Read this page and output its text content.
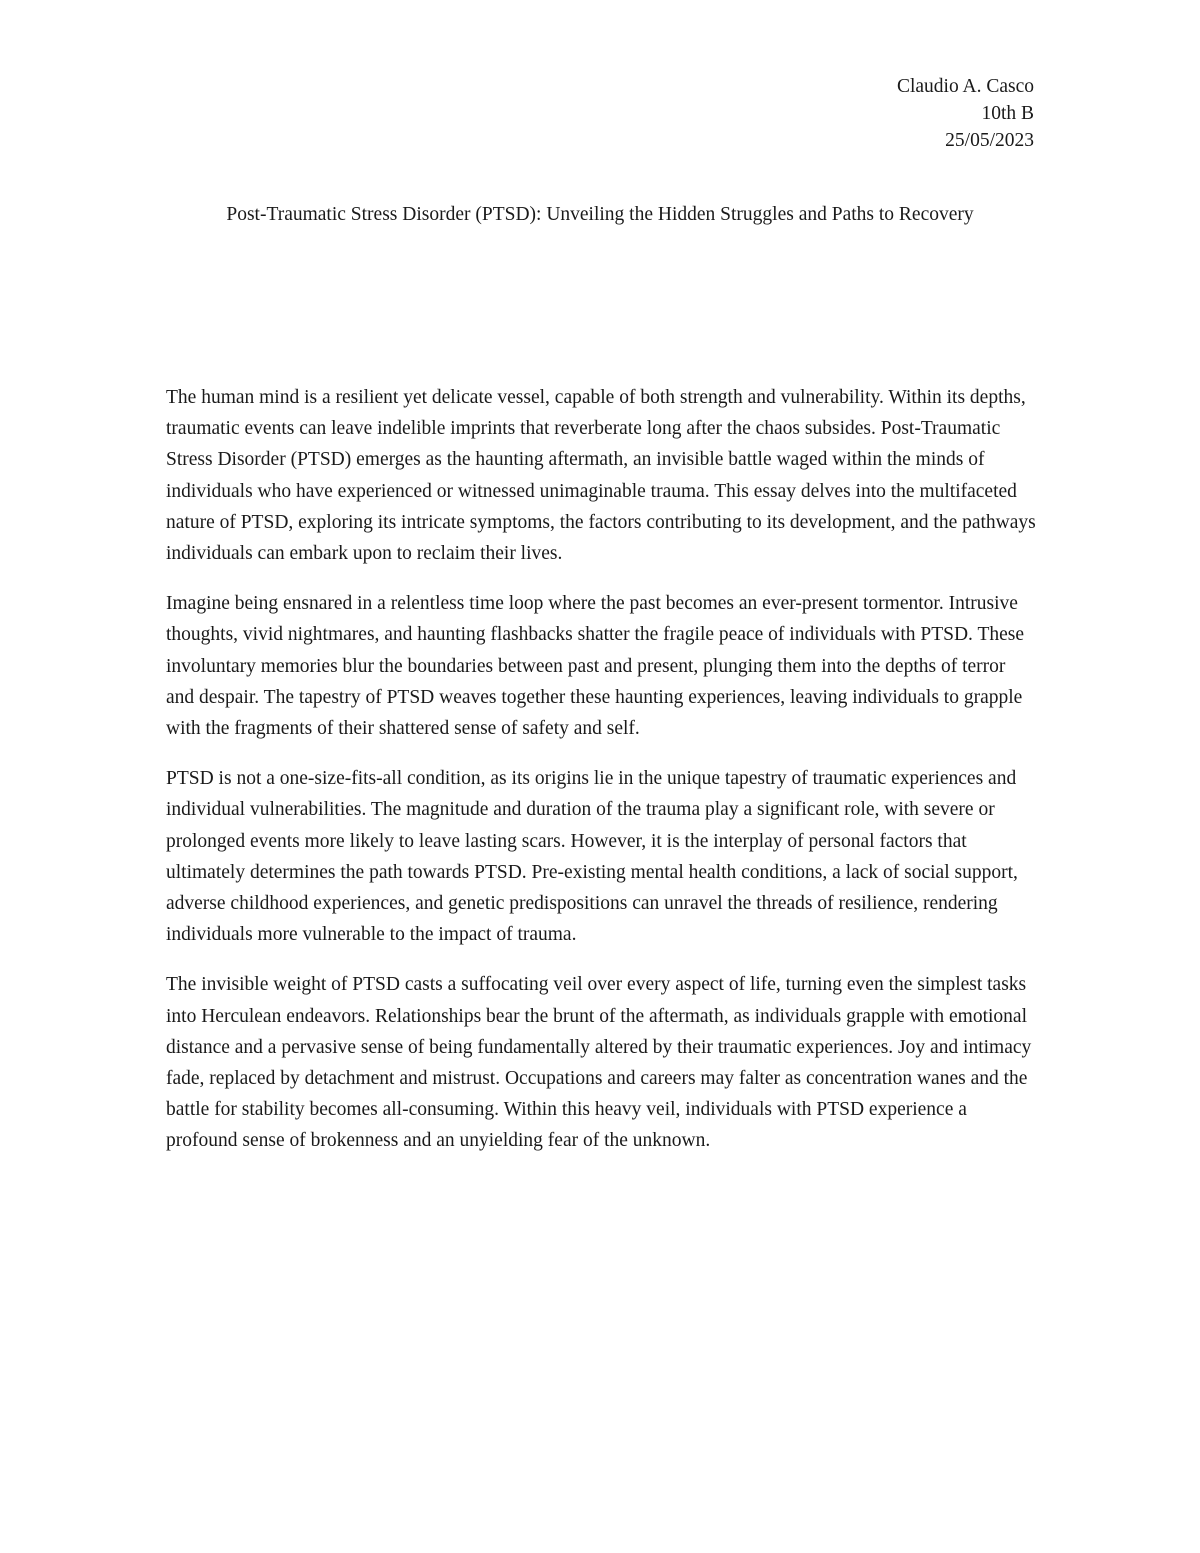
Claudio A. Casco
10th B
25/05/2023
Post-Traumatic Stress Disorder (PTSD): Unveiling the Hidden Struggles and Paths to Recovery

The human mind is a resilient yet delicate vessel, capable of both strength and vulnerability. Within its depths, traumatic events can leave indelible imprints that reverberate long after the chaos subsides. Post-Traumatic Stress Disorder (PTSD) emerges as the haunting aftermath, an invisible battle waged within the minds of individuals who have experienced or witnessed unimaginable trauma. This essay delves into the multifaceted nature of PTSD, exploring its intricate symptoms, the factors contributing to its development, and the pathways individuals can embark upon to reclaim their lives.

Imagine being ensnared in a relentless time loop where the past becomes an ever-present tormentor. Intrusive thoughts, vivid nightmares, and haunting flashbacks shatter the fragile peace of individuals with PTSD. These involuntary memories blur the boundaries between past and present, plunging them into the depths of terror and despair. The tapestry of PTSD weaves together these haunting experiences, leaving individuals to grapple with the fragments of their shattered sense of safety and self.

PTSD is not a one-size-fits-all condition, as its origins lie in the unique tapestry of traumatic experiences and individual vulnerabilities. The magnitude and duration of the trauma play a significant role, with severe or prolonged events more likely to leave lasting scars. However, it is the interplay of personal factors that ultimately determines the path towards PTSD. Pre-existing mental health conditions, a lack of social support, adverse childhood experiences, and genetic predispositions can unravel the threads of resilience, rendering individuals more vulnerable to the impact of trauma.

The invisible weight of PTSD casts a suffocating veil over every aspect of life, turning even the simplest tasks into Herculean endeavors. Relationships bear the brunt of the aftermath, as individuals grapple with emotional distance and a pervasive sense of being fundamentally altered by their traumatic experiences. Joy and intimacy fade, replaced by detachment and mistrust. Occupations and careers may falter as concentration wanes and the battle for stability becomes all-consuming. Within this heavy veil, individuals with PTSD experience a profound sense of brokenness and an unyielding fear of the unknown.
